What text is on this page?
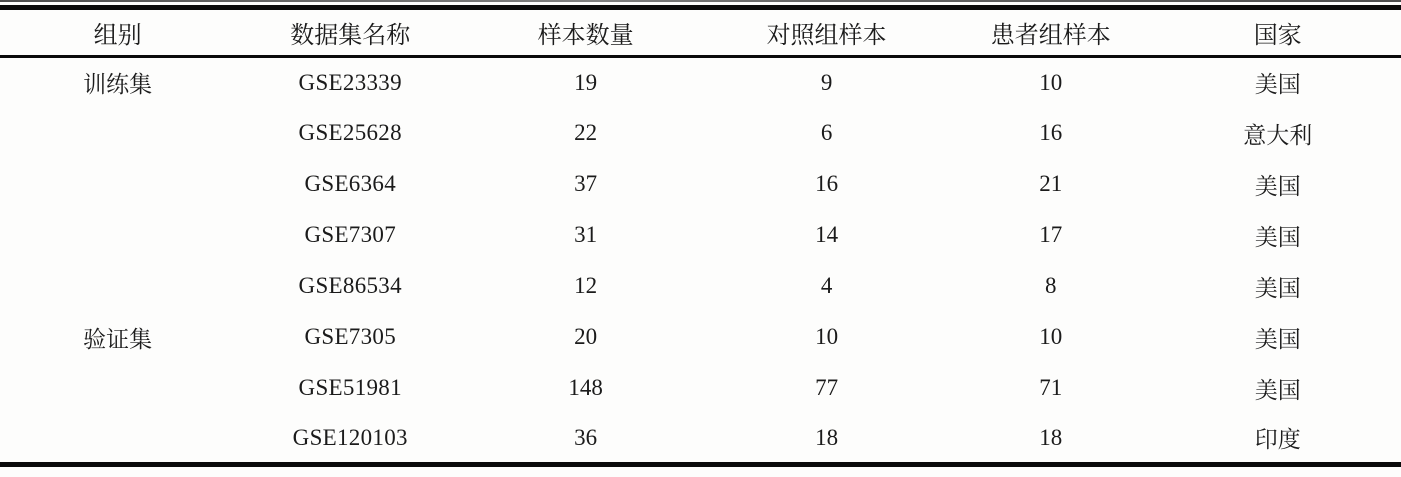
组别	数据集名称	样本数量	对照组样本	患者组样本	国家
训练集	GSE23339	19	9	10	美国
	GSE25628	22	6	16	意大利
	GSE6364	37	16	21	美国
	GSE7307	31	14	17	美国
	GSE86534	12	4	8	美国
验证集	GSE7305	20	10	10	美国
	GSE51981	148	77	71	美国
	GSE120103	36	18	18	印度
